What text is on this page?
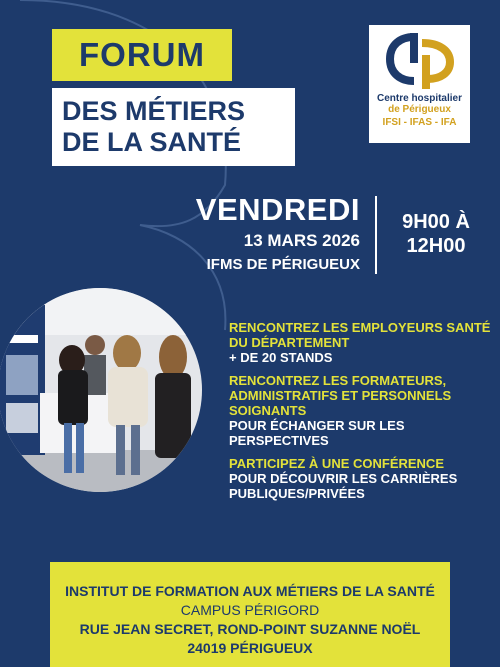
FORUM
DES MÉTIERS
DE LA SANTÉ
Centre hospitalier
de Périgueux
IFSI - IFAS - IFA
VENDREDI
13 MARS 2026
IFMS DE PÉRIGUEUX
9H00 À
12H00
RENCONTREZ LES EMPLOYEURS SANTÉ DU DÉPARTEMENT
+ DE 20 STANDS
RENCONTREZ LES FORMATEURS, ADMINISTRATIFS ET PERSONNELS SOIGNANTS
POUR ÉCHANGER SUR LES PERSPECTIVES
PARTICIPEZ À UNE CONFÉRENCE
POUR DÉCOUVRIR LES CARRIÈRES PUBLIQUES/PRIVÉES
INSTITUT DE FORMATION AUX MÉTIERS DE LA SANTÉ
CAMPUS PÉRIGORD
RUE JEAN SECRET, ROND-POINT SUZANNE NOËL
24019 PÉRIGUEUX
